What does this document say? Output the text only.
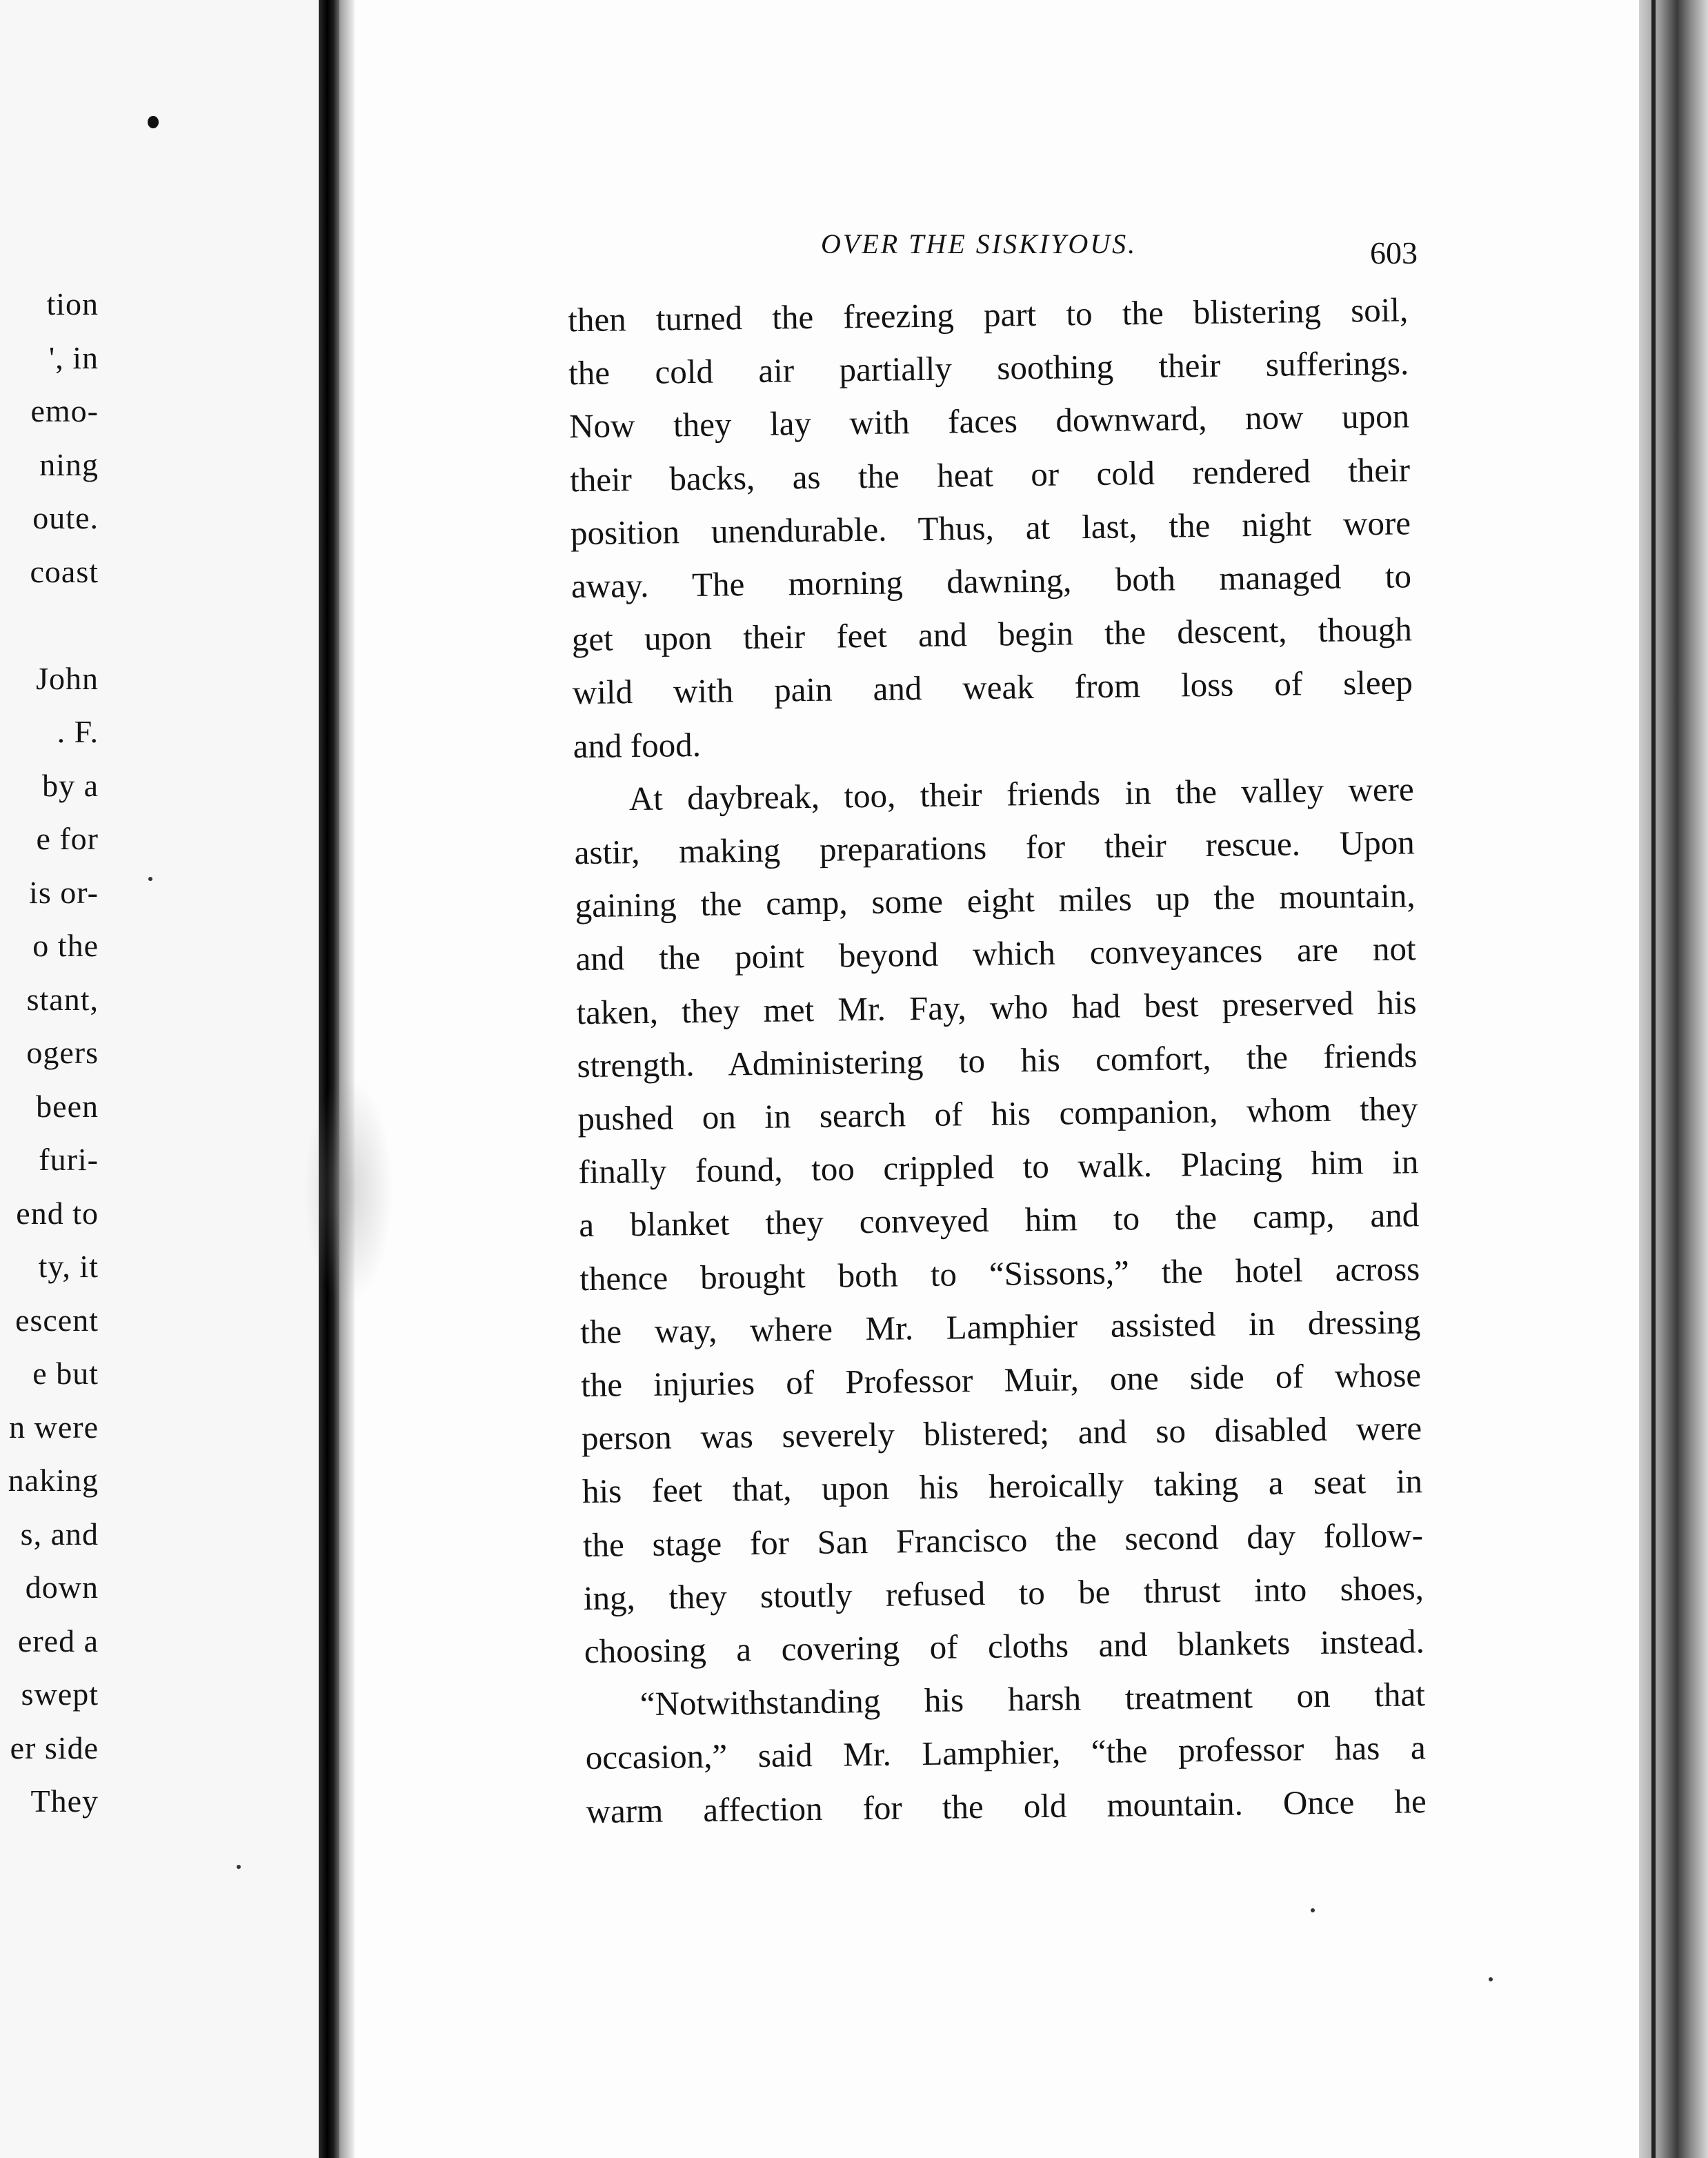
tion
', in
emo-
ning
oute.
coast
John
. F.
by a
e for
is or-
o the
stant,
ogers
been
furi-
end to
ty, it
escent
e but
n were
naking
s, and
down
ered a
swept
er side
They
OVER THE SISKIYOUS.	603
then turned the freezing part to the blistering soil,
the cold air partially soothing their sufferings.
Now they lay with faces downward, now upon
their backs, as the heat or cold rendered their
position unendurable. Thus, at last, the night wore
away. The morning dawning, both managed to
get upon their feet and begin the descent, though
wild with pain and weak from loss of sleep
and food.
At daybreak, too, their friends in the valley were
astir, making preparations for their rescue. Upon
gaining the camp, some eight miles up the mountain,
and the point beyond which conveyances are not
taken, they met Mr. Fay, who had best preserved his
strength. Administering to his comfort, the friends
pushed on in search of his companion, whom they
finally found, too crippled to walk. Placing him in
a blanket they conveyed him to the camp, and
thence brought both to “Sissons,” the hotel across
the way, where Mr. Lamphier assisted in dressing
the injuries of Professor Muir, one side of whose
person was severely blistered; and so disabled were
his feet that, upon his heroically taking a seat in
the stage for San Francisco the second day follow-
ing, they stoutly refused to be thrust into shoes,
choosing a covering of cloths and blankets instead.
“Notwithstanding his harsh treatment on that
occasion,” said Mr. Lamphier, “the professor has a
warm affection for the old mountain. Once he
